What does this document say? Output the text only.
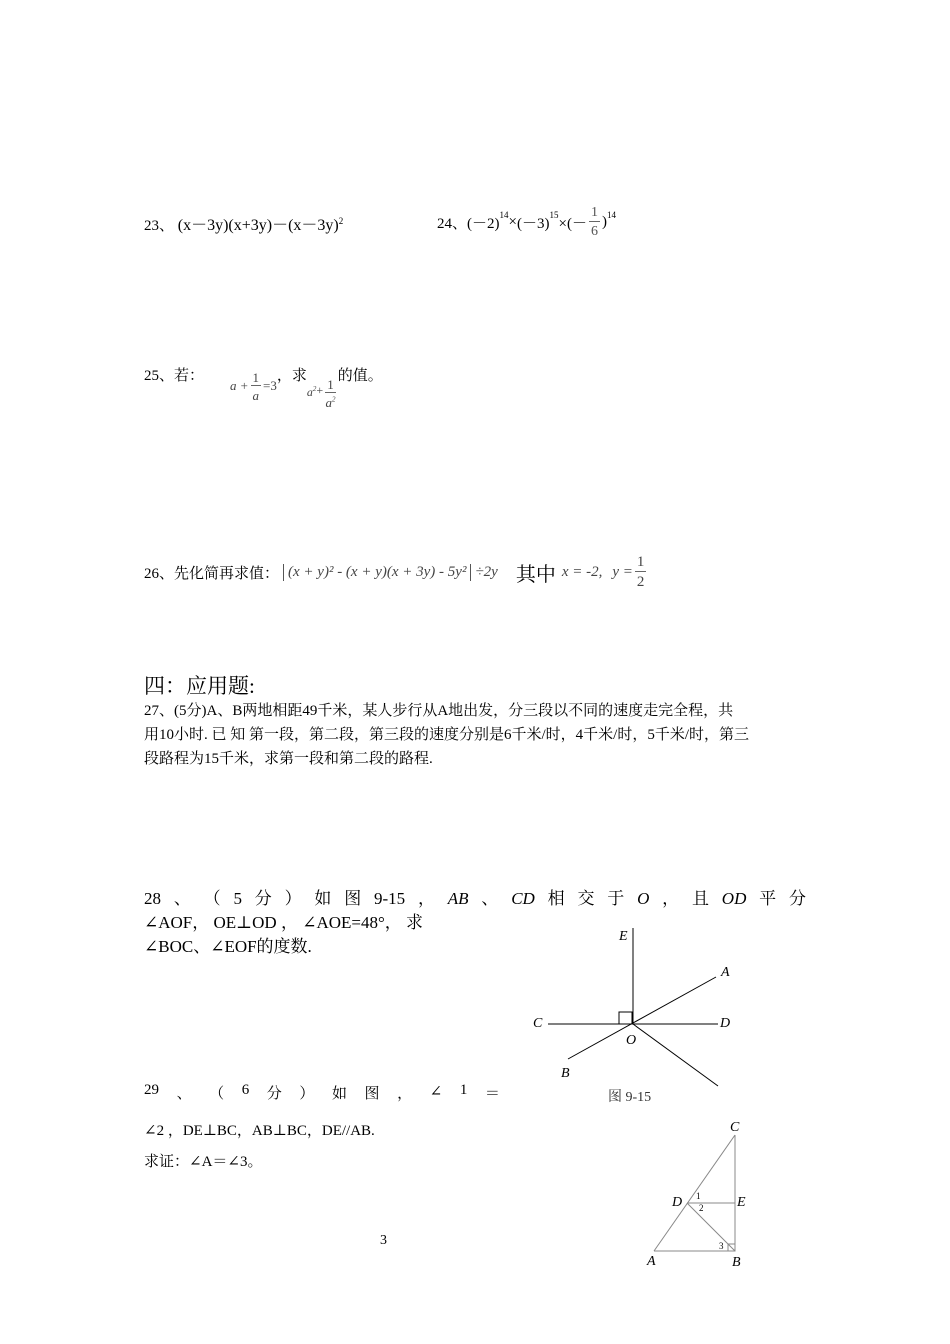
23、 $(x-3y)(x+3y)-(x-3y)^2$	24、 (－2)
$^{14}$ × (－3)
$^{15}$
×(－ $\frac{1}{6} )^{14}$
25、若：
$a + \frac{1}{a} =3$
，求
$a^2 + \frac{1}{a^2}$
的值。
26、先化简再求值： (x + y)² - (x + y)(x + 3y) - 5y² ÷2y 其中 x = -2, $y = \frac{1}{2}$
四：应用题:
27、(5分)A、B两地相距49千米，某人步行从A地出发，分三段以不同的速度走完全程，共
用10小时. 已 知 第一段，第二段，第三段的速度分别是6千米/时，4千米/时，5千米/时，第三
段路程为15千米，求第一段和第二段的路程.
28 、 （ 5 分 ） 如 图 9-15 ， AB 、 CD 相 交 于 O ， 且 OD 平 分
∠AOF， OE⊥OD ， ∠AOE=48°， 求
∠BOC、∠EOF的度数.
E
A
C	D
O
B
图 9-15
29 、 （ 6 分 ） 如 图 ， ∠ 1 ＝
∠2 ，DE⊥BC，AB⊥BC，DE//AB.
求证：∠A＝∠3。
C
D	E
A	B
1
2
3
3
